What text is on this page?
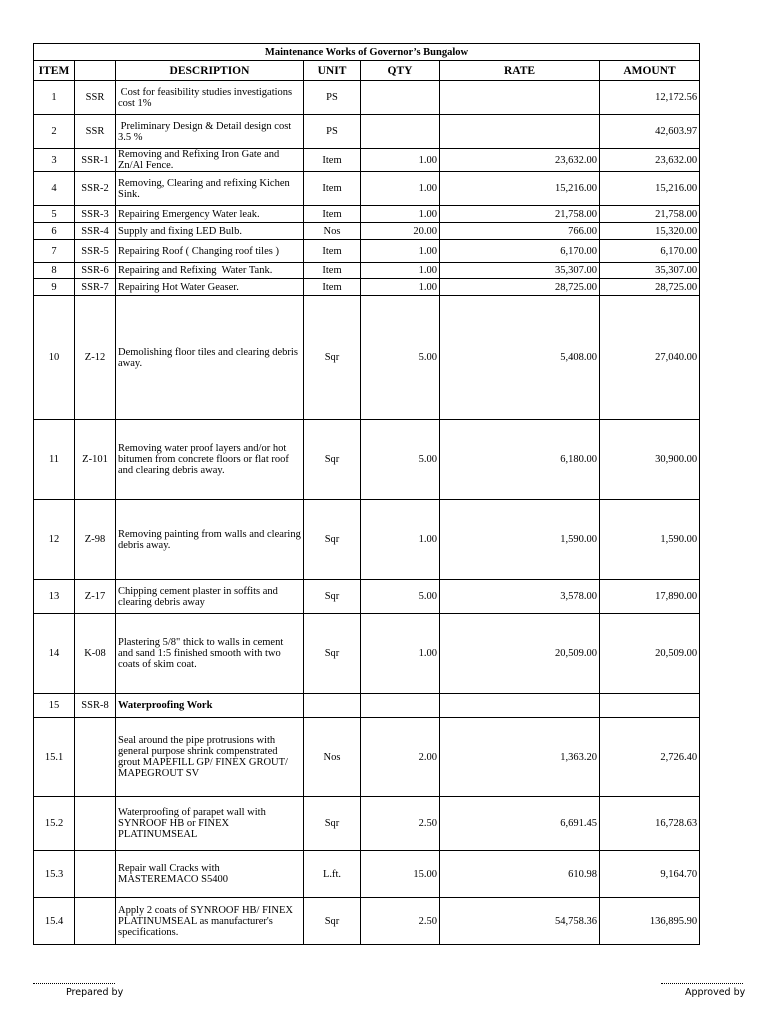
Maintenance Works of Governor’s Bungalow						
ITEM		DESCRIPTION	UNIT	QTY	RATE	AMOUNT
1	SSR	Cost for feasibility studies investigations cost 1%	PS			12,172.56
2	SSR	Preliminary Design & Detail design cost  3.5 %	PS			42,603.97
3	SSR-1	Removing and Refixing Iron Gate and Zn/Al Fence.	Item	1.00	23,632.00	23,632.00
4	SSR-2	Removing, Clearing and refixing Kichen Sink.	Item	1.00	15,216.00	15,216.00
5	SSR-3	Repairing Emergency Water leak.	Item	1.00	21,758.00	21,758.00
6	SSR-4	Supply and fixing LED Bulb.	Nos	20.00	766.00	15,320.00
7	SSR-5	Repairing Roof ( Changing roof tiles )	Item	1.00	6,170.00	6,170.00
8	SSR-6	Repairing and Refixing  Water Tank.	Item	1.00	35,307.00	35,307.00
9	SSR-7	Repairing Hot Water Geaser.	Item	1.00	28,725.00	28,725.00
10	Z-12	Demolishing floor tiles and clearing debris away.	Sqr	5.00	5,408.00	27,040.00
11	Z-101	Removing water proof layers and/or hot bitumen from concrete floors or flat roof and clearing debris away.	Sqr	5.00	6,180.00	30,900.00
12	Z-98	Removing painting from walls and clearing debris away.	Sqr	1.00	1,590.00	1,590.00
13	Z-17	Chipping cement plaster in soffits and clearing debris away	Sqr	5.00	3,578.00	17,890.00
14	K-08	Plastering 5/8" thick to walls in cement and sand 1:5 finished smooth with two coats of skim coat.	Sqr	1.00	20,509.00	20,509.00
15	SSR-8	Waterproofing Work				
15.1		Seal around the pipe protrusions with general purpose shrink compenstrated grout MAPEFILL GP/ FINEX GROUT/ MAPEGROUT SV	Nos	2.00	1,363.20	2,726.40
15.2		Waterproofing of parapet wall with SYNROOF HB or FINEX PLATINUMSEAL	Sqr	2.50	6,691.45	16,728.63
15.3		Repair wall Cracks with MASTEREMACO S5400	L.ft.	15.00	610.98	9,164.70
15.4		Apply 2 coats of SYNROOF HB/ FINEX PLATINUMSEAL as manufacturer's specifications.	Sqr	2.50	54,758.36	136,895.90
Prepared by	Approved by
